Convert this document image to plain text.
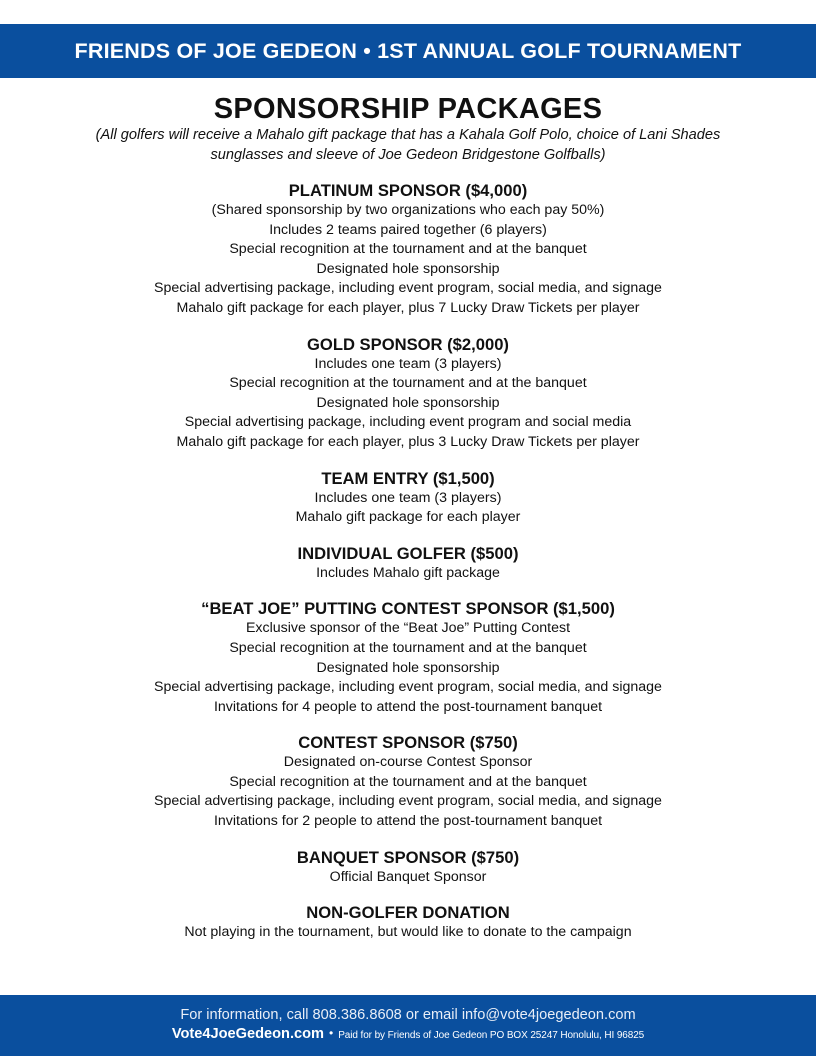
FRIENDS OF JOE GEDEON • 1ST ANNUAL GOLF TOURNAMENT
SPONSORSHIP PACKAGES

(All golfers will receive a Mahalo gift package that has a Kahala Golf Polo, choice of Lani Shades sunglasses and sleeve of Joe Gedeon Bridgestone Golfballs)

PLATINUM SPONSOR ($4,000)

(Shared sponsorship by two organizations who each pay 50%)

Includes 2 teams paired together (6 players)

Special recognition at the tournament and at the banquet

Designated hole sponsorship

Special advertising package, including event program, social media, and signage

Mahalo gift package for each player, plus 7 Lucky Draw Tickets per player

GOLD SPONSOR ($2,000)

Includes one team (3 players)

Special recognition at the tournament and at the banquet

Designated hole sponsorship

Special advertising package, including event program and social media

Mahalo gift package for each player, plus 3 Lucky Draw Tickets per player

TEAM ENTRY ($1,500)

Includes one team (3 players)

Mahalo gift package for each player

INDIVIDUAL GOLFER ($500)

Includes Mahalo gift package

“BEAT JOE” PUTTING CONTEST SPONSOR ($1,500)

Exclusive sponsor of the “Beat Joe” Putting Contest

Special recognition at the tournament and at the banquet

Designated hole sponsorship

Special advertising package, including event program, social media, and signage

Invitations for 4 people to attend the post-tournament banquet

CONTEST SPONSOR ($750)

Designated on-course Contest Sponsor

Special recognition at the tournament and at the banquet

Special advertising package, including event program, social media, and signage

Invitations for 2 people to attend the post-tournament banquet

BANQUET SPONSOR ($750)

Official Banquet Sponsor

NON-GOLFER DONATION

Not playing in the tournament, but would like to donate to the campaign

For information, call 808.386.8608 or email info@vote4joegedeon.com
Vote4JoeGedeon.com • Paid for by Friends of Joe Gedeon PO BOX 25247 Honolulu, HI 96825
